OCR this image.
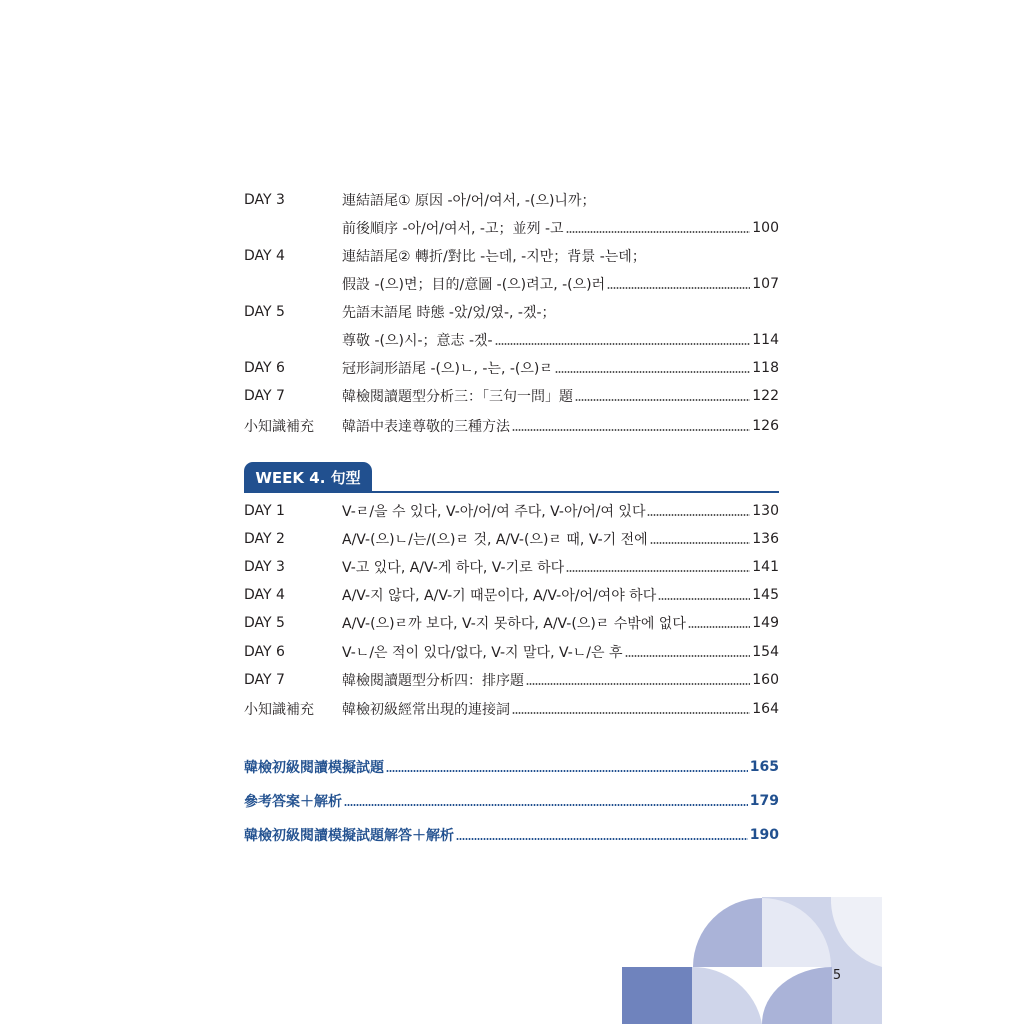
DAY 3	連結語尾① 原因 -아/어/여서, -(으)니까；
前後順序 -아/어/여서, -고；並列 -고	100
DAY 4	連結語尾② 轉折/對比 -는데, -지만；背景 -는데；
假設 -(으)면；目的/意圖 -(으)려고, -(으)러	107
DAY 5	先語末語尾 時態 -았/었/였-, -겠-；
尊敬 -(으)시-；意志 -겠-	114
DAY 6	冠形詞形語尾 -(으)ㄴ, -는, -(으)ㄹ	118
DAY 7	韓檢閱讀題型分析三：「三句一問」題	122
小知識補充	韓語中表達尊敬的三種方法	126
WEEK 4. 句型
DAY 1	V-ㄹ/을 수 있다, V-아/어/여 주다, V-아/어/여 있다	130
DAY 2	A/V-(으)ㄴ/는/(으)ㄹ 것, A/V-(으)ㄹ 때, V-기 전에	136
DAY 3	V-고 있다, A/V-게 하다, V-기로 하다	141
DAY 4	A/V-지 않다, A/V-기 때문이다, A/V-아/어/여야 하다	145
DAY 5	A/V-(으)ㄹ까 보다, V-지 못하다, A/V-(으)ㄹ 수밖에 없다	149
DAY 6	V-ㄴ/은 적이 있다/없다, V-지 말다, V-ㄴ/은 후	154
DAY 7	韓檢閱讀題型分析四：排序題	160
小知識補充	韓檢初級經常出現的連接詞	164
韓檢初級閱讀模擬試題	165
參考答案＋解析	179
韓檢初級閱讀模擬試題解答＋解析	190
5
